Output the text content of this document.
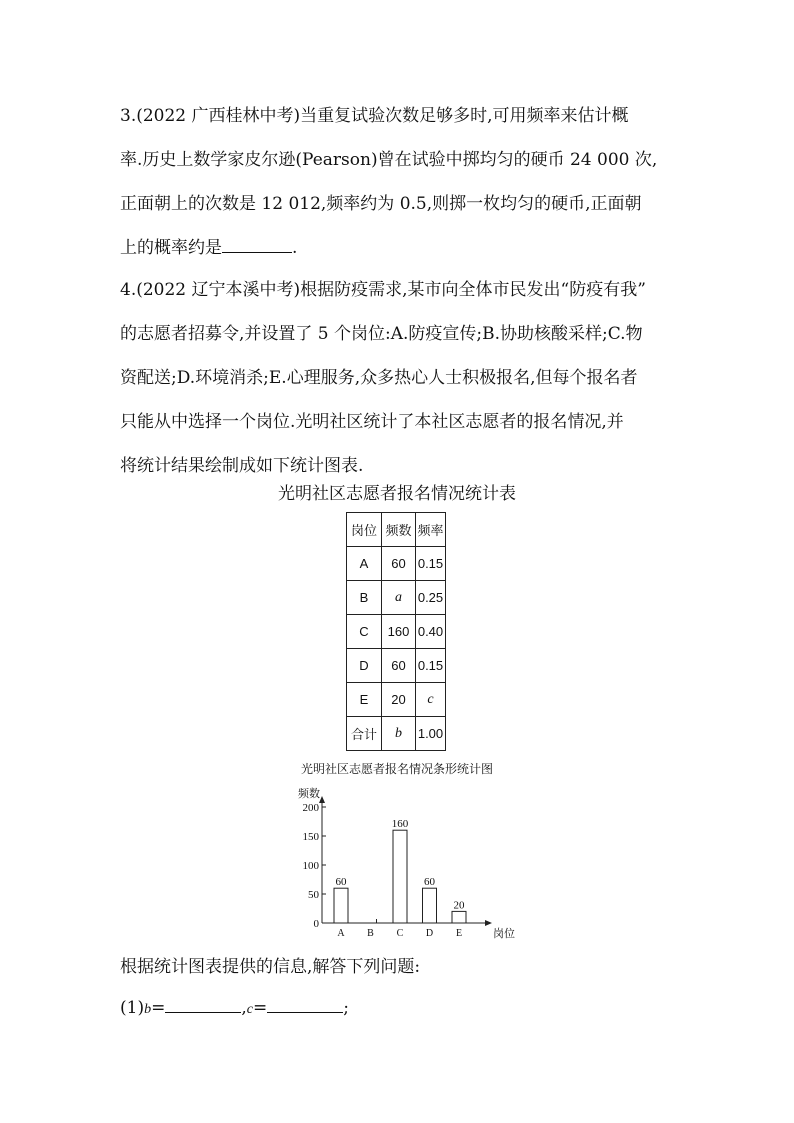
3.(2022 广西桂林中考)当重复试验次数足够多时,可用频率来估计概
率.历史上数学家皮尔逊(Pearson)曾在试验中掷均匀的硬币 24 000 次,
正面朝上的次数是 12 012,频率约为 0.5,则掷一枚均匀的硬币,正面朝
上的概率约是	.
4.(2022 辽宁本溪中考)根据防疫需求,某市向全体市民发出“防疫有我”
的志愿者招募令,并设置了 5 个岗位:A.防疫宣传;B.协助核酸采样;C.物
资配送;D.环境消杀;E.心理服务,众多热心人士积极报名,但每个报名者
只能从中选择一个岗位.光明社区统计了本社区志愿者的报名情况,并
将统计结果绘制成如下统计图表.
光明社区志愿者报名情况统计表
岗位	频数	频率
A	60	0.15
B	a	0.25
C	160	0.40
D	60	0.15
E	20	c
合计	b	1.00
光明社区志愿者报名情况条形统计图
0
50
100
150
200
频数
岗位
A
60
B C
160
D
60
E
20
根据统计图表提供的信息,解答下列问题:
(1)b=	,c=	;
